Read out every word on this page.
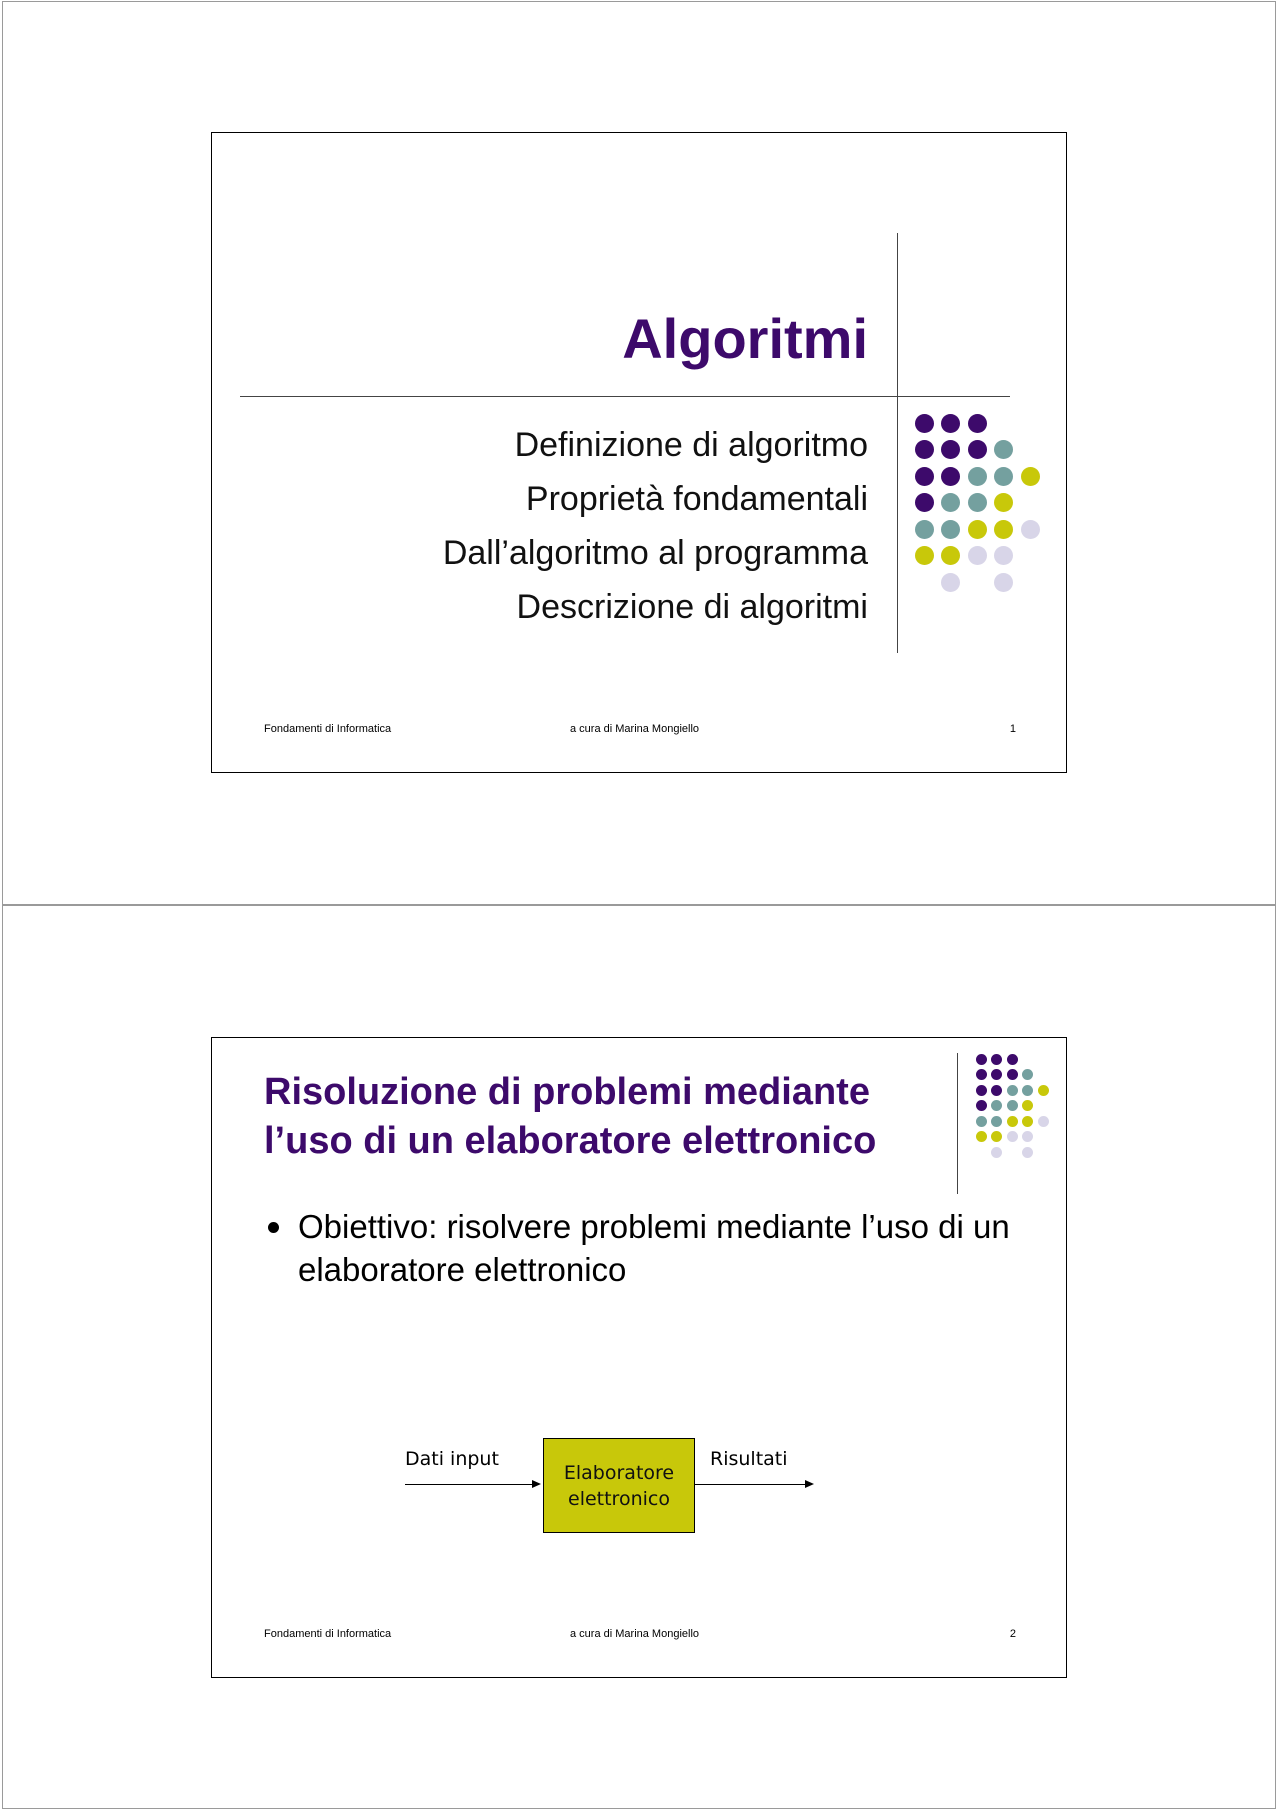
Algoritmi
Definizione di algoritmo
Proprietà fondamentali
Dall’algoritmo al programma
Descrizione di algoritmi
Fondamenti di Informatica	a cura di Marina Mongiello	1
Risoluzione di problemi mediante
l’uso di un elaboratore elettronico
Obiettivo: risolvere problemi mediante l’uso di un elaboratore elettronico
Dati input
Elaboratore
elettronico
Risultati
Fondamenti di Informatica	a cura di Marina Mongiello	2
